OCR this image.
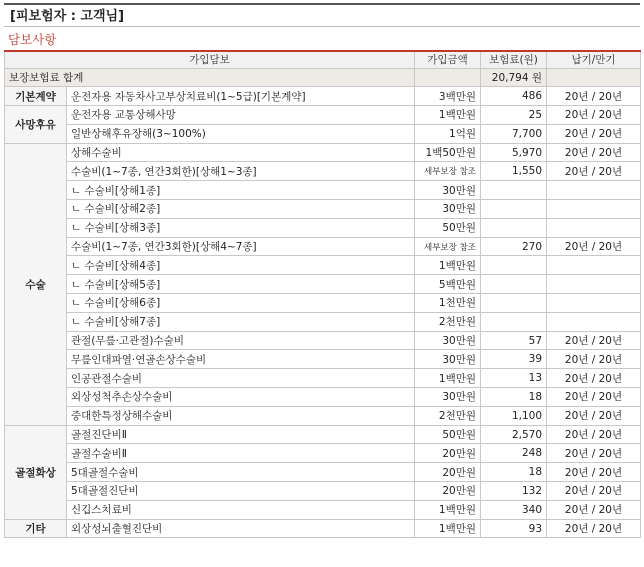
[피보험자 : 고객님]
담보사항
가입담보		가입금액	보험료(원)	납기/만기
보장보험료 합계			20,794 원	
기본계약	운전자용 자동차사고부상치료비(1~5급)[기본계약]	3백만원	486	20년 / 20년
사망후유	운전자용 교통상해사망	1백만원	25	20년 / 20년
	일반상해후유장해(3~100%)	1억원	7,700	20년 / 20년
수술	상해수술비	1백50만원	5,970	20년 / 20년
	수술비(1~7종, 연간3회한)[상해1~3종]	세부보장 참조	1,550	20년 / 20년
	ㄴ 수술비[상해1종]	30만원		
	ㄴ 수술비[상해2종]	30만원		
	ㄴ 수술비[상해3종]	50만원		
	수술비(1~7종, 연간3회한)[상해4~7종]	세부보장 참조	270	20년 / 20년
	ㄴ 수술비[상해4종]	1백만원		
	ㄴ 수술비[상해5종]	5백만원		
	ㄴ 수술비[상해6종]	1천만원		
	ㄴ 수술비[상해7종]	2천만원		
	관절(무릎·고관절)수술비	30만원	57	20년 / 20년
	무릎인대파열·연골손상수술비	30만원	39	20년 / 20년
	인공관절수술비	1백만원	13	20년 / 20년
	외상성척추손상수술비	30만원	18	20년 / 20년
	중대한특정상해수술비	2천만원	1,100	20년 / 20년
골절화상	골절진단비Ⅱ	50만원	2,570	20년 / 20년
	골절수술비Ⅱ	20만원	248	20년 / 20년
	5대골절수술비	20만원	18	20년 / 20년
	5대골절진단비	20만원	132	20년 / 20년
	신깁스치료비	1백만원	340	20년 / 20년
기타	외상성뇌출혈진단비	1백만원	93	20년 / 20년
